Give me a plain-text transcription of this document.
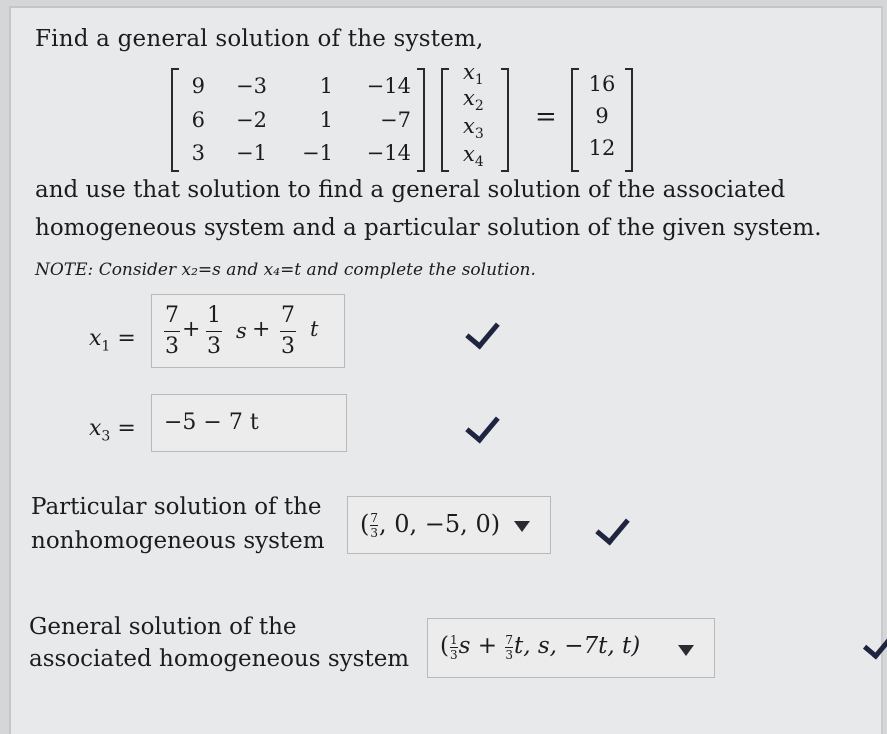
Find a general solution of the system,
9	−3	1 −14
6	−2	1	−7
3	−1	−1 −14
$x_1$
$x_2$
$x_3$
$x_4$
=
16
9
12
and use that solution to find a general solution of the associated
homogeneous system and a particular solution of the given system.
NOTE: Consider x₂=s and x₄=t and complete the solution.
$x_1$ =
7
3
+
1
3
s +
7
3
t
$x_3 = -5 - 7$ t
Particular solution of the
nonhomogeneous system
( $\frac{7}{3}$ , 0, −5, 0)
General solution of the
associated homogeneous system ( $\frac{1}{3}$ $s + \frac{7}{3} t$, s, −7t, t)
